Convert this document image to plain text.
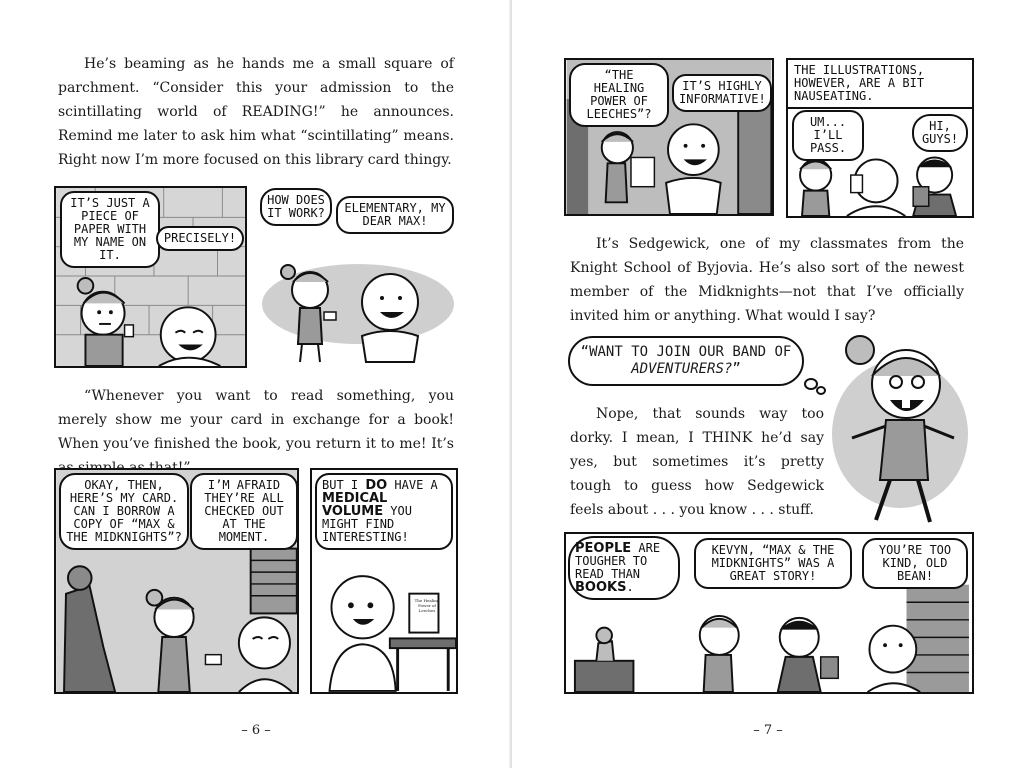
He’s beaming as he hands me a small square of parchment. “Consider this your admission to the scintillating world of READING!” he announces. Remind me later to ask him what “scintillating” means. Right now I’m more focused on this library card thingy.

IT’S JUST A PIECE OF PAPER WITH MY NAME ON IT.
PRECISELY!
HOW DOES IT WORK?	ELEMENTARY, MY DEAR MAX!

“Whenever you want to read something, you merely show me your card in exchange for a book! When you’ve finished the book, you return it to me! It’s

OKAY, THEN, HERE’S MY CARD. CAN I BORROW A COPY OF “MAX & THE MIDKNIGHTS”?
I’M AFRAID THEY’RE ALL CHECKED OUT AT THE MOMENT.
BUT I DO HAVE A MEDICAL VOLUME YOU MIGHT FIND INTERESTING!
The Healing Power of Leeches
– 6 –
“THE HEALING POWER OF LEECHES”?
IT’S HIGHLY INFORMATIVE!
THE ILLUSTRATIONS, HOWEVER, ARE A BIT NAUSEATING.
UM... I’LL PASS.
HI, GUYS!

It’s Sedgewick, one of my classmates from the Knight School of Byjovia. He’s also sort of the newest member of the Midknights—not that I’ve officially invited him or anything. What would I say?

“WANT TO JOIN OUR BAND OF ADVENTURERS?”

Nope, that sounds way too dorky. I mean, I THINK he’d say yes, but sometimes it’s pretty tough to guess how Sedgewick feels about . . . you know . . . stuff.

PEOPLE ARE TOUGHER TO READ THAN BOOKS.
KEVYN, “MAX & THE MIDKNIGHTS” WAS A GREAT STORY!
YOU’RE TOO KIND, OLD BEAN!
– 7 –
